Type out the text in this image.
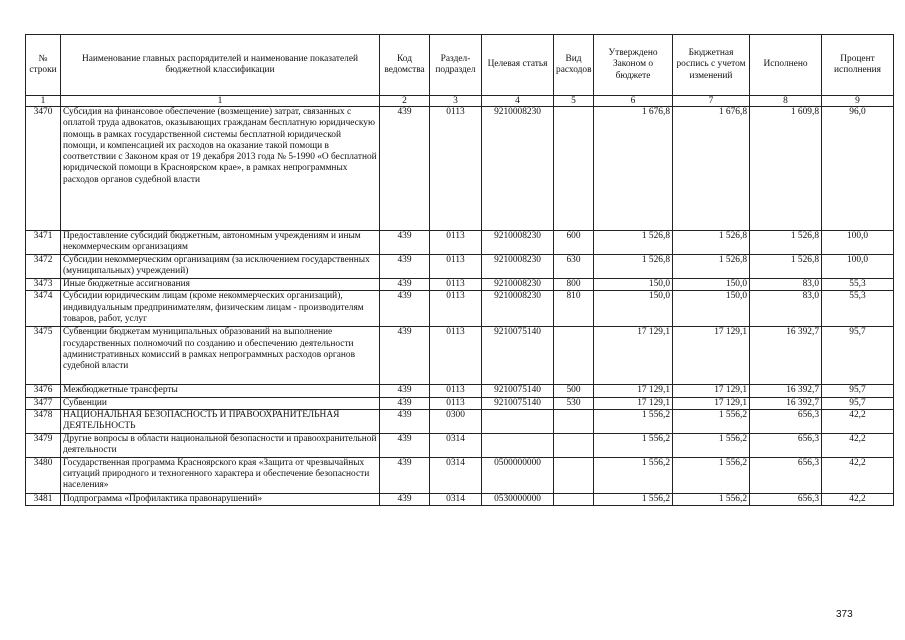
№ строки	Наименование главных распорядителей и наименование показателей бюджетной классификации	Код ведомства	Раздел-подраздел	Целевая статья	Вид расходов	Утверждено Законом о бюджете	Бюджетная роспись с учетом изменений	Исполнено	Процент исполнения
1	1	2	3	4	5	6	7	8	9
3470	Субсидия на финансовое обеспечение (возмещение) затрат, связанных с оплатой труда адвокатов, оказывающих гражданам бесплатную юридическую помощь в рамках государственной системы бесплатной юридической помощи, и компенсацией их расходов на оказание такой помощи в соответствии с Законом края от 19 декабря 2013 года № 5-1990 «О бесплатной юридической помощи в Красноярском крае», в рамках непрограммных расходов органов судебной власти	439	0113	9210008230		1 676,8	1 676,8	1 609,8	96,0
3471	Предоставление субсидий бюджетным, автономным учреждениям и иным некоммерческим организациям	439	0113	9210008230	600	1 526,8	1 526,8	1 526,8	100,0
3472	Субсидии некоммерческим организациям (за исключением государственных (муниципальных) учреждений)	439	0113	9210008230	630	1 526,8	1 526,8	1 526,8	100,0
3473	Иные бюджетные ассигнования	439	0113	9210008230	800	150,0	150,0	83,0	55,3
3474	Субсидии юридическим лицам (кроме некоммерческих организаций), индивидуальным предпринимателям, физическим лицам - производителям товаров, работ, услуг	439	0113	9210008230	810	150,0	150,0	83,0	55,3
3475	Субвенции бюджетам муниципальных образований на выполнение государственных полномочий по созданию и обеспечению деятельности административных комиссий в рамках непрограммных расходов органов судебной власти	439	0113	9210075140		17 129,1	17 129,1	16 392,7	95,7
3476	Межбюджетные трансферты	439	0113	9210075140	500	17 129,1	17 129,1	16 392,7	95,7
3477	Субвенции	439	0113	9210075140	530	17 129,1	17 129,1	16 392,7	95,7
3478	НАЦИОНАЛЬНАЯ БЕЗОПАСНОСТЬ И ПРАВООХРАНИТЕЛЬНАЯ ДЕЯТЕЛЬНОСТЬ	439	0300			1 556,2	1 556,2	656,3	42,2
3479	Другие вопросы в области национальной безопасности и правоохранительной деятельности	439	0314			1 556,2	1 556,2	656,3	42,2
3480	Государственная программа Красноярского края «Защита от чрезвычайных ситуаций природного и техногенного характера и обеспечение безопасности населения»	439	0314	0500000000		1 556,2	1 556,2	656,3	42,2
3481	Подпрограмма «Профилактика правонарушений»	439	0314	0530000000		1 556,2	1 556,2	656,3	42,2
373
